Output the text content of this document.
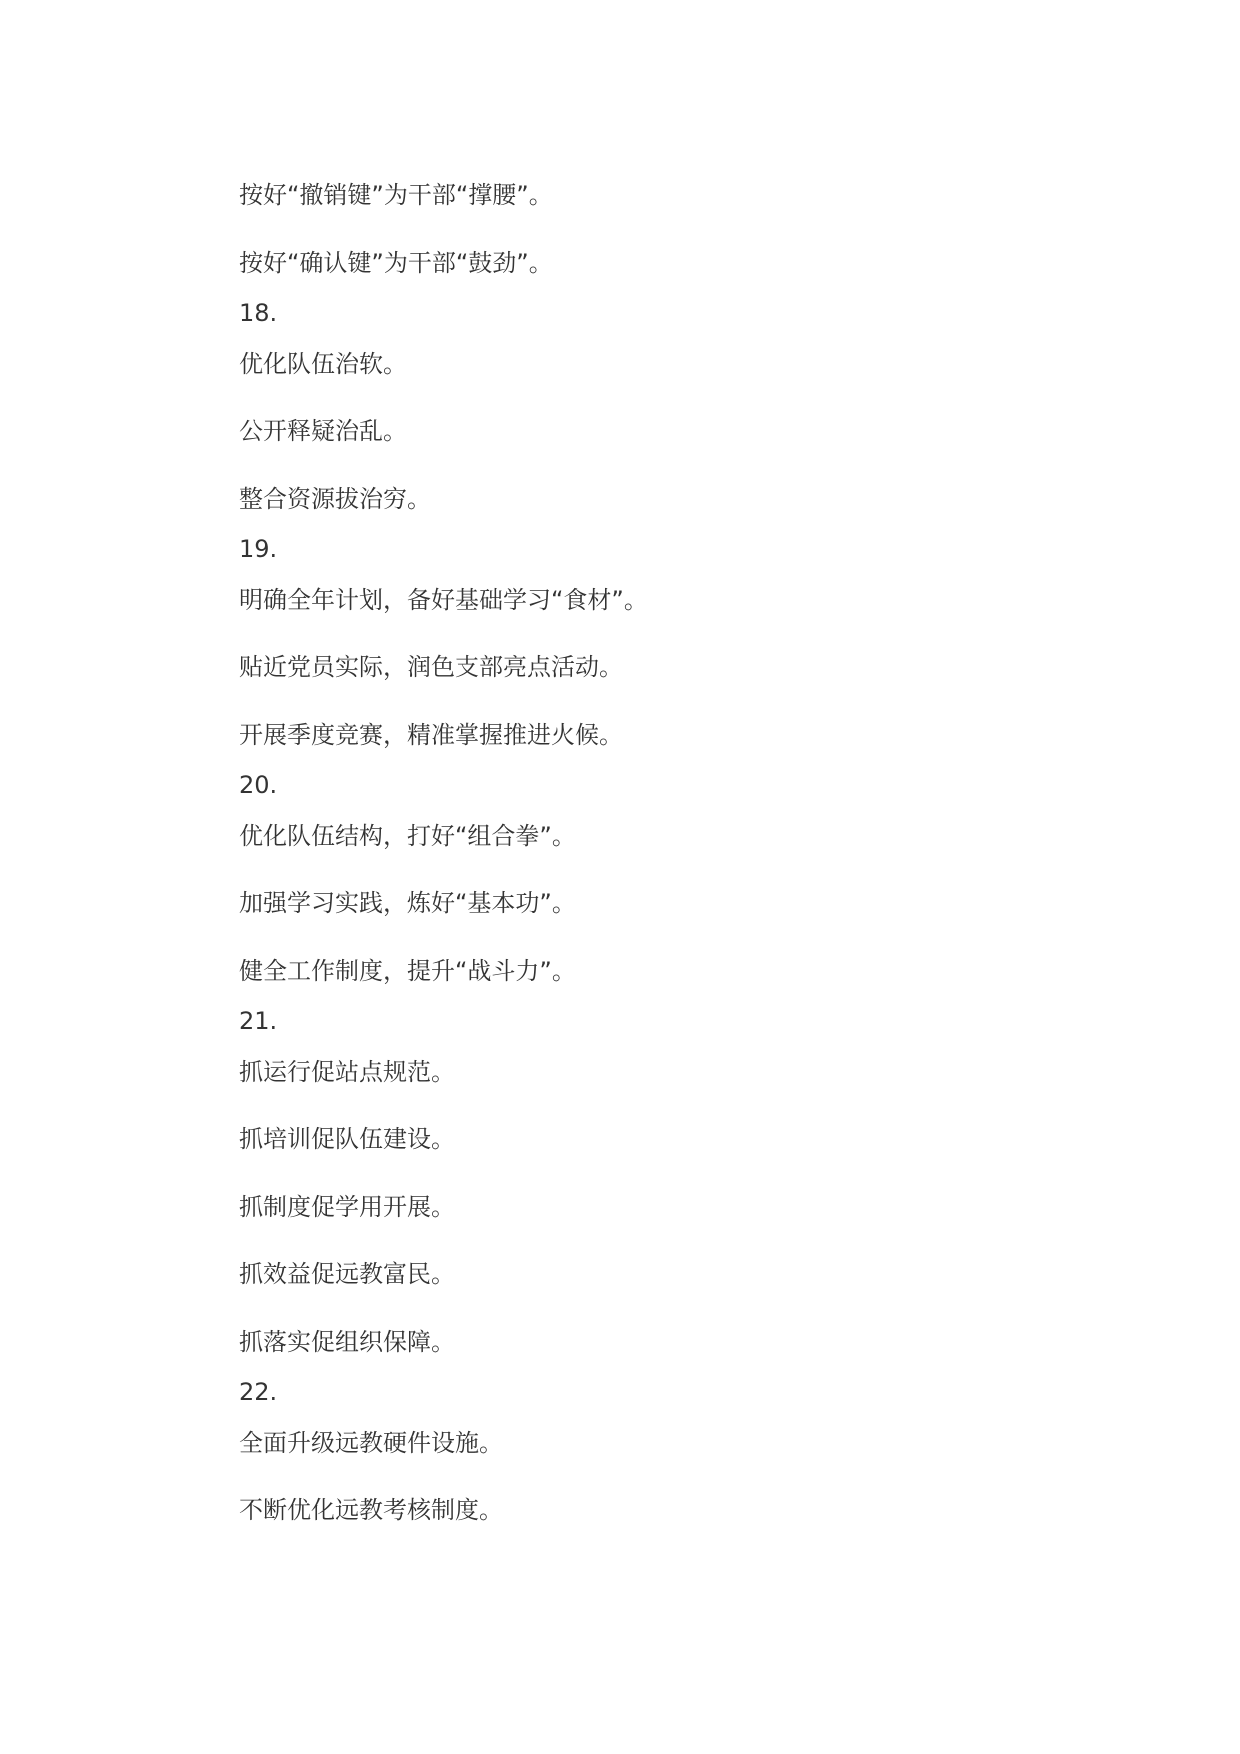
按好“撤销键”为干部“撑腰”。

按好“确认键”为干部“鼓劲”。

18.

优化队伍治软。

公开释疑治乱。

整合资源拔治穷。

19.

明确全年计划，备好基础学习“食材”。

贴近党员实际，润色支部亮点活动。

开展季度竞赛，精准掌握推进火候。

20.

优化队伍结构，打好“组合拳”。

加强学习实践，炼好“基本功”。

健全工作制度，提升“战斗力”。

21.

抓运行促站点规范。

抓培训促队伍建设。

抓制度促学用开展。

抓效益促远教富民。

抓落实促组织保障。

22.

全面升级远教硬件设施。

不断优化远教考核制度。
